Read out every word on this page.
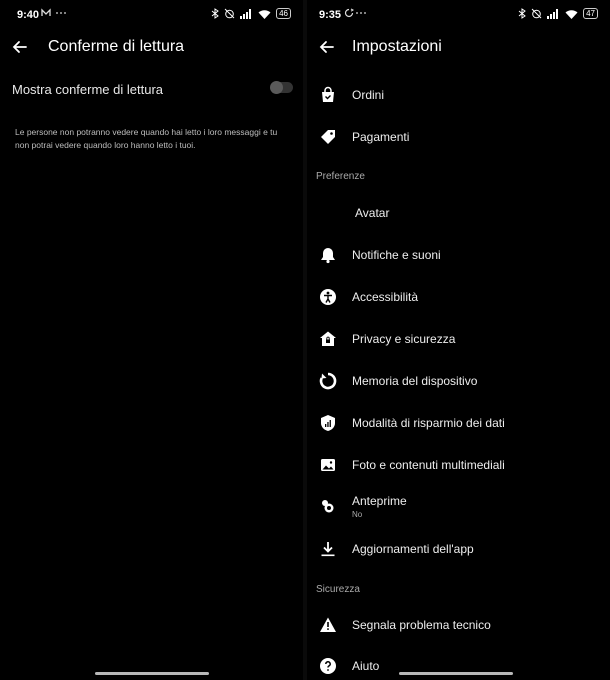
9:40	46
Conferme di lettura
Mostra conferme di lettura
Le persone non potranno vedere quando hai letto i loro messaggi e tu non potrai vedere quando loro hanno letto i tuoi.
9:35	47
Impostazioni
Ordini
Pagamenti
Preferenze
Avatar
Notifiche e suoni
Accessibilità
Privacy e sicurezza
Memoria del dispositivo
Modalità di risparmio dei dati
Foto e contenuti multimediali
Anteprime
No
Aggiornamenti dell'app
Sicurezza
Segnala problema tecnico
Aiuto
